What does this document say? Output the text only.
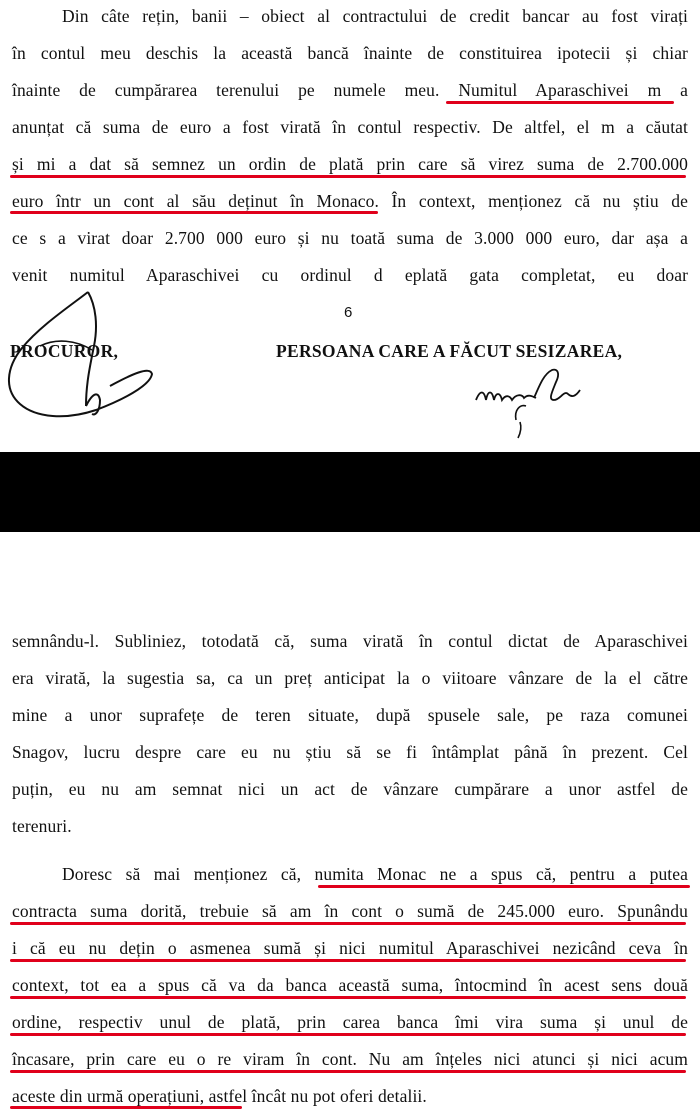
Din câte rețin, banii – obiect al contractului de credit bancar au fost virați
în contul meu deschis la această bancă înainte de constituirea ipotecii și chiar
înainte de cumpărarea terenului pe numele meu. Numitul Aparaschivei m a
anunțat că suma de euro a fost virată în contul respectiv. De altfel, el m a căutat
și mi a dat să semnez un ordin de plată prin care să virez suma de 2.700.000
euro într un cont al său deținut în Monaco. În context, menționez că nu știu de
ce s a virat doar 2.700 000 euro și nu toată suma de 3.000 000 euro, dar așa a
venit numitul Aparaschivei cu ordinul d eplată gata completat, eu doar
6
PROCUROR,	PERSOANA CARE A FĂCUT SESIZAREA,
semnându-l. Subliniez, totodată că, suma virată în contul dictat de Aparaschivei
era virată, la sugestia sa, ca un preț anticipat la o viitoare vânzare de la el către
mine a unor suprafețe de teren situate, după spusele sale, pe raza comunei
Snagov, lucru despre care eu nu știu să se fi întâmplat până în prezent. Cel
puțin, eu nu am semnat nici un act de vânzare cumpărare a unor astfel de
terenuri.
Doresc să mai menționez că, numita Monac ne a spus că, pentru a putea
contracta suma dorită, trebuie să am în cont o sumă de 245.000 euro. Spunându
i că eu nu dețin o asmenea sumă și nici numitul Aparaschivei nezicând ceva în
context, tot ea a spus că va da banca această suma, întocmind în acest sens două
ordine, respectiv unul de plată, prin carea banca îmi vira suma și unul de
încasare, prin care eu o re viram în cont. Nu am înțeles nici atunci și nici acum
aceste din urmă operațiuni, astfel încât nu pot oferi detalii.
